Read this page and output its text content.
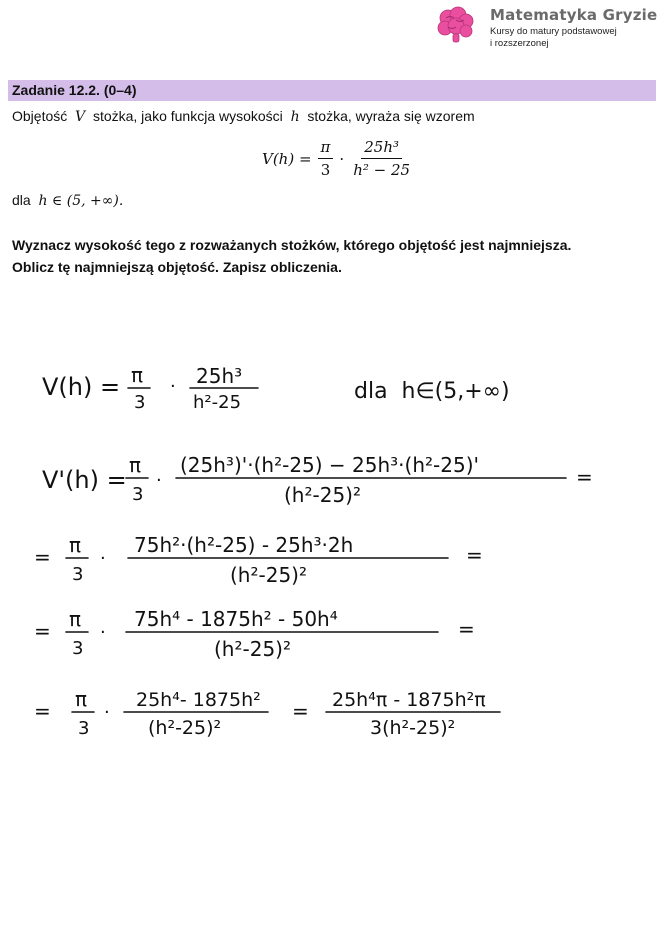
Matematyka Gryzie
Kursy do matury podstawowej
i rozszerzonej
Zadanie 12.2. (0–4)
Objętość V stożka, jako funkcja wysokości h stożka, wyraża się wzorem
$V(h) = \frac{\pi}{3} \cdot \frac{\text{25h³}}{\text{h² − 25}}$
dla h ∈ (5, +∞).
Wyznacz wysokość tego z rozważanych stożków, którego objętość jest najmniejsza.
Oblicz tę najmniejszą objętość. Zapisz obliczenia.
V(h) = π
3
· 25h³
h²-25	dla  h∈(5,+∞)
V'(h) =
π
3
·
(25h³)'·(h²-25) − 25h³·(h²-25)'
(h²-25)²
=
= π
3
·
75h²·(h²-25) - 25h³·2h
(h²-25)²
=
= π
3
·
75h⁴ - 1875h² - 50h⁴
(h²-25)²
=
= π
3
·
25h⁴- 1875h²
(h²-25)²
= 25h⁴π - 1875h²π
3(h²-25)²
